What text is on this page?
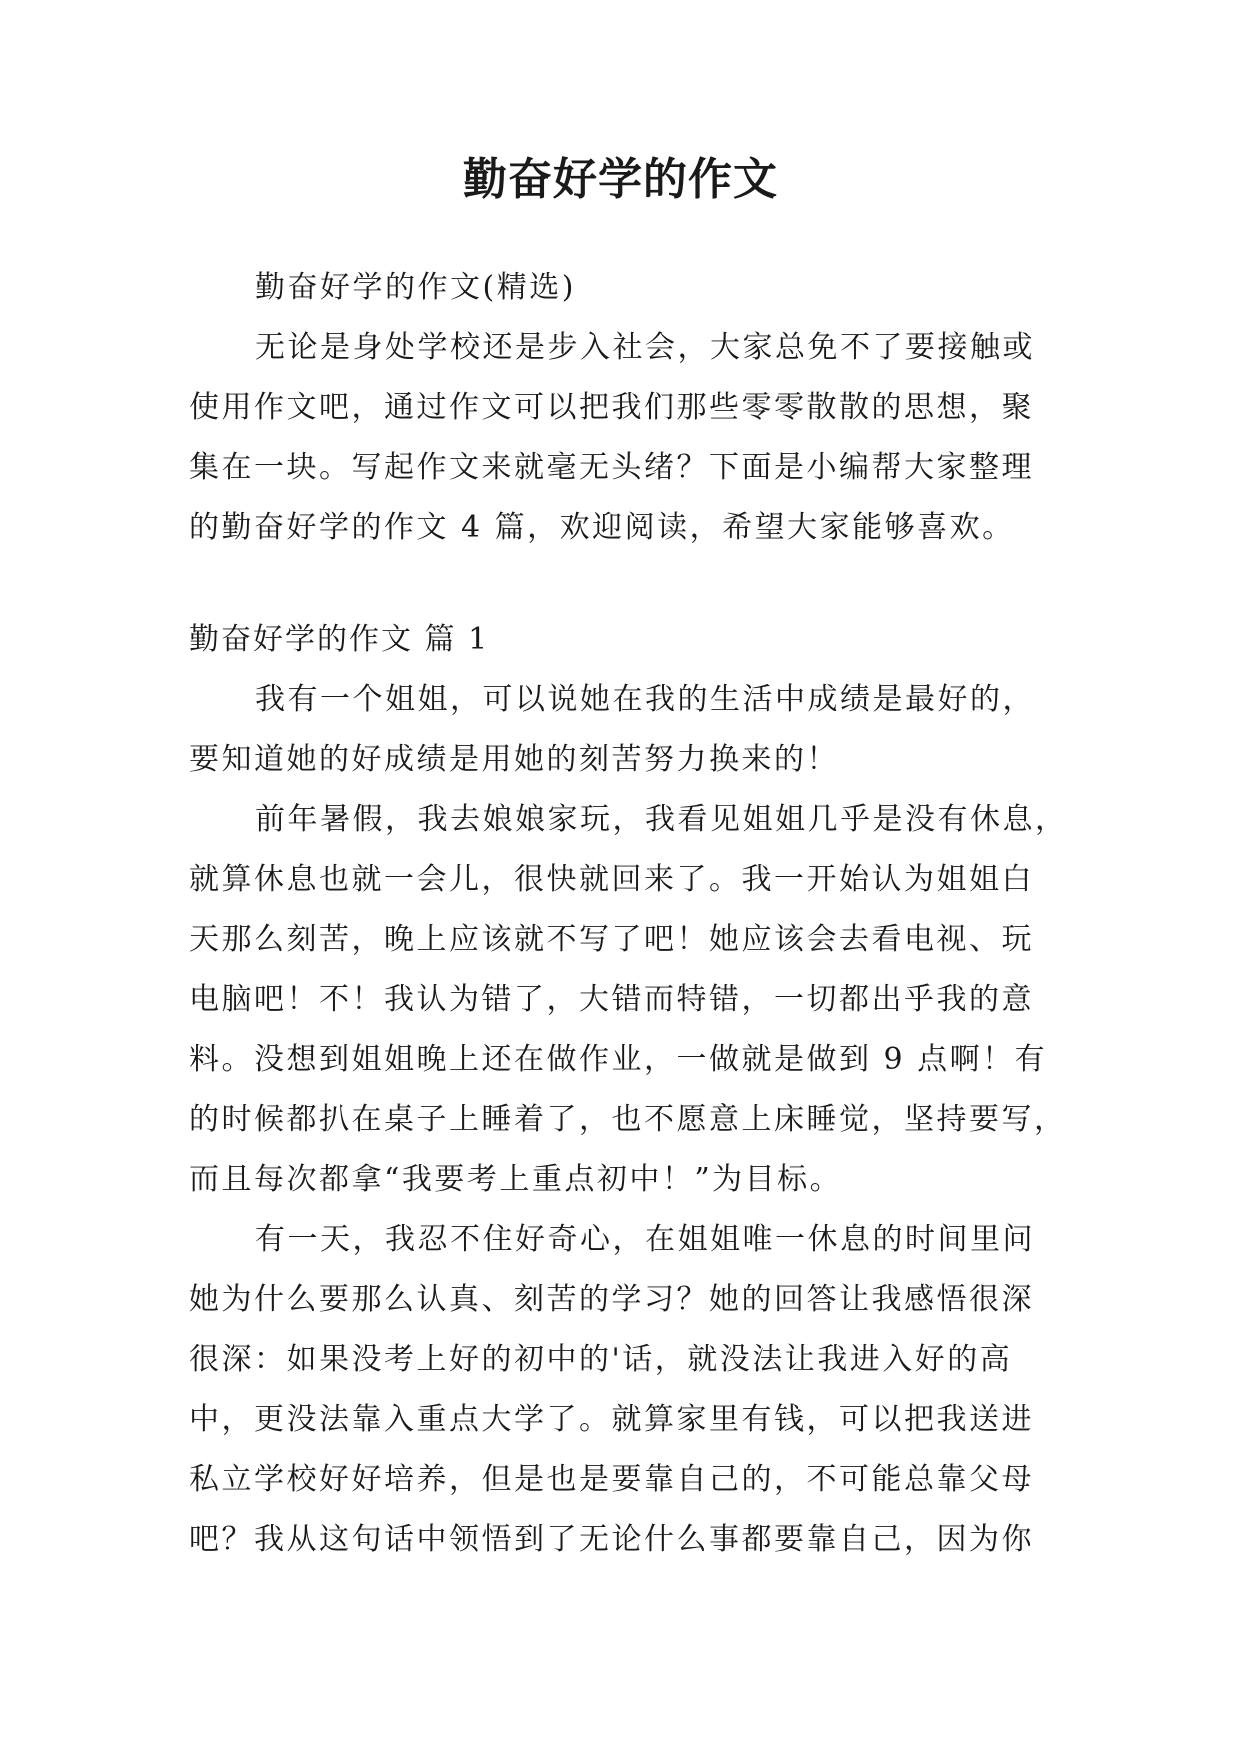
勤奋好学的作文
勤奋好学的作文(精选)
无论是身处学校还是步入社会，大家总免不了要接触或
使用作文吧，通过作文可以把我们那些零零散散的思想，聚
集在一块。写起作文来就毫无头绪？下面是小编帮大家整理
的勤奋好学的作文 4 篇，欢迎阅读，希望大家能够喜欢。
勤奋好学的作文 篇 1
我有一个姐姐，可以说她在我的生活中成绩是最好的，
要知道她的好成绩是用她的刻苦努力换来的！
前年暑假，我去娘娘家玩，我看见姐姐几乎是没有休息，
就算休息也就一会儿，很快就回来了。我一开始认为姐姐白
天那么刻苦，晚上应该就不写了吧！她应该会去看电视、玩
电脑吧！不！我认为错了，大错而特错，一切都出乎我的意
料。没想到姐姐晚上还在做作业，一做就是做到 9 点啊！有
的时候都扒在桌子上睡着了，也不愿意上床睡觉，坚持要写，
而且每次都拿“我要考上重点初中！”为目标。
有一天，我忍不住好奇心，在姐姐唯一休息的时间里问
她为什么要那么认真、刻苦的学习？她的回答让我感悟很深
很深：如果没考上好的初中的'话，就没法让我进入好的高
中，更没法靠入重点大学了。就算家里有钱，可以把我送进
私立学校好好培养，但是也是要靠自己的，不可能总靠父母
吧？我从这句话中领悟到了无论什么事都要靠自己，因为你
